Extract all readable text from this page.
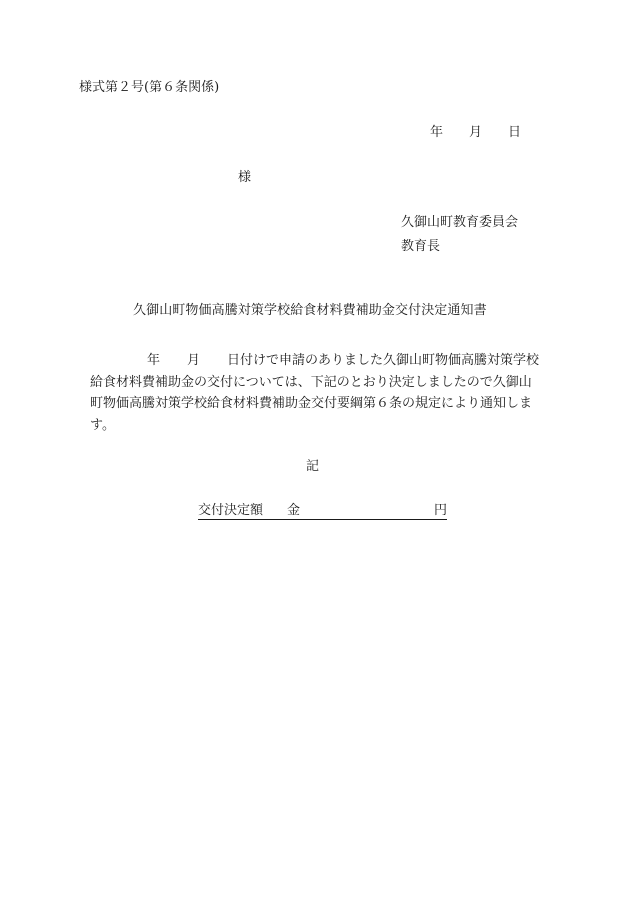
様式第２号(第６条関係)
年 月 日
様
久御山町教育委員会
教育長
久御山町物価高騰対策学校給食材料費補助金交付決定通知書
年 月 日付けで申請のありました久御山町物価高騰対策学校
給食材料費補助金の交付については、下記のとおり決定しましたので久御山
町物価高騰対策学校給食材料費補助金交付要綱第６条の規定により通知しま
す。
記
交付決定額 金	円
